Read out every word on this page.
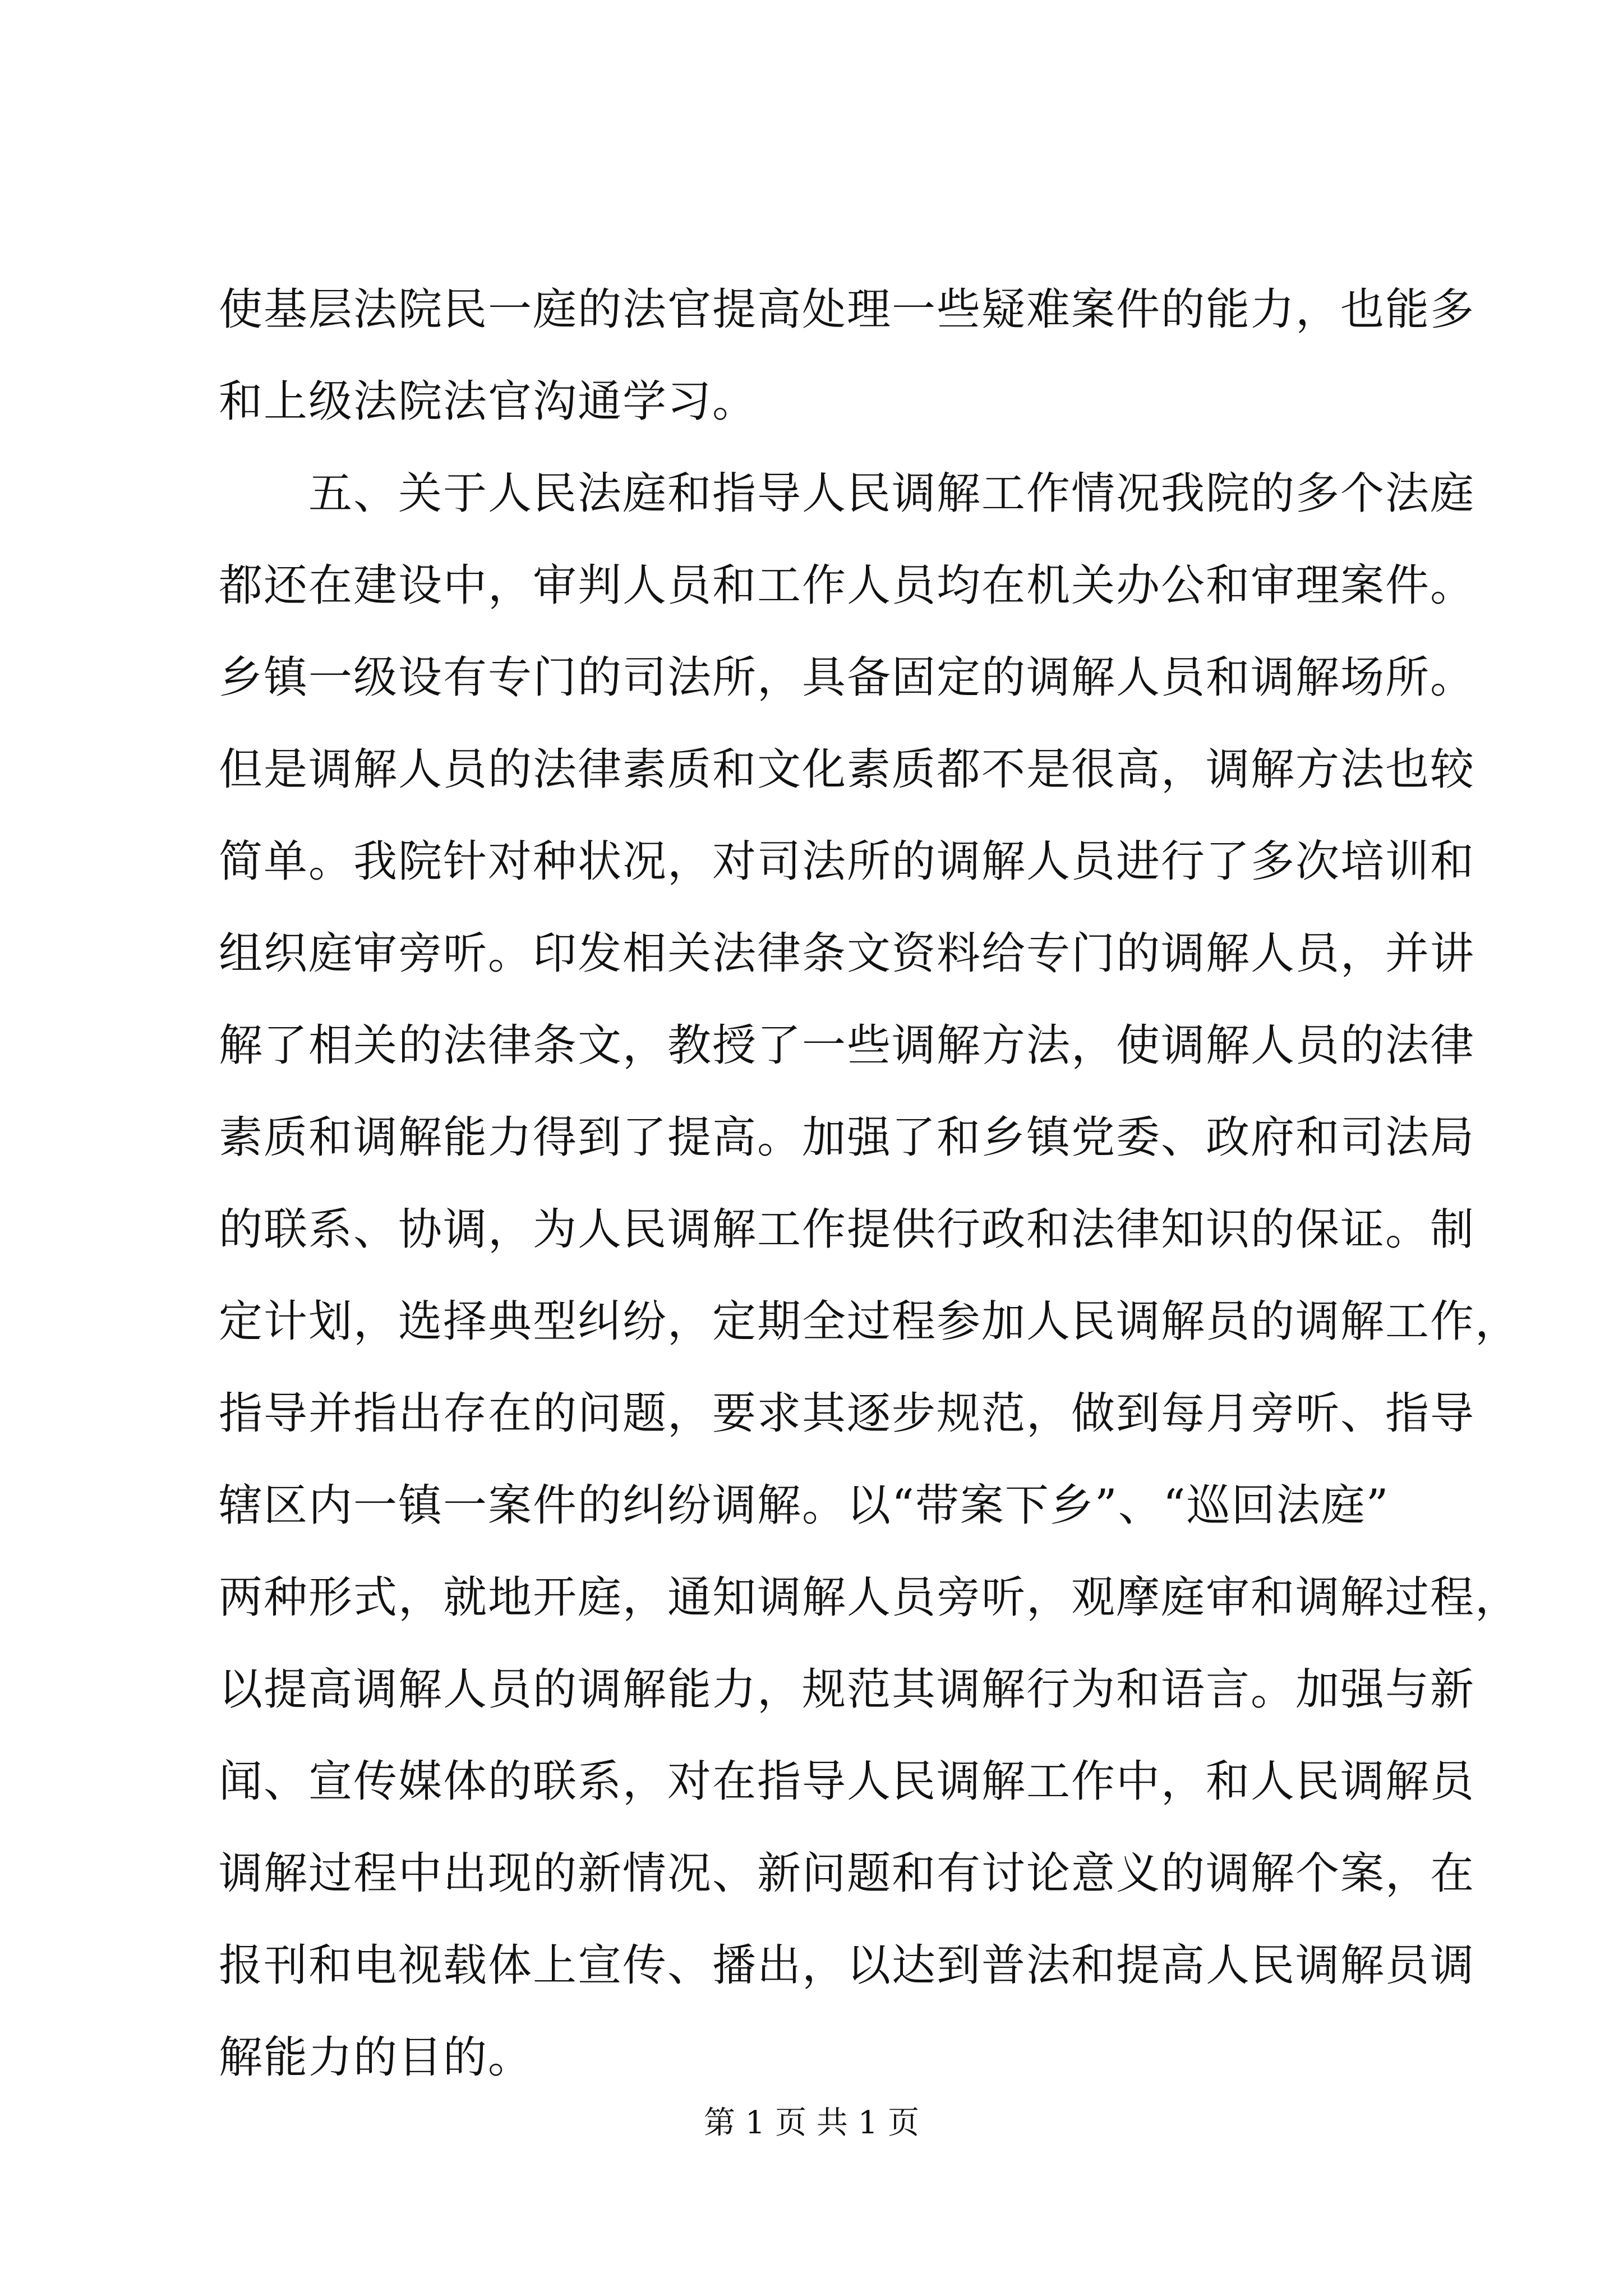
使基层法院民一庭的法官提高处理一些疑难案件的能力，也能多
和上级法院法官沟通学习。
　　五、关于人民法庭和指导人民调解工作情况我院的多个法庭
都还在建设中，审判人员和工作人员均在机关办公和审理案件。
乡镇一级设有专门的司法所，具备固定的调解人员和调解场所。
但是调解人员的法律素质和文化素质都不是很高，调解方法也较
简单。我院针对种状况，对司法所的调解人员进行了多次培训和
组织庭审旁听。印发相关法律条文资料给专门的调解人员，并讲
解了相关的法律条文，教授了一些调解方法，使调解人员的法律
素质和调解能力得到了提高。加强了和乡镇党委、政府和司法局
的联系、协调，为人民调解工作提供行政和法律知识的保证。制
定计划，选择典型纠纷，定期全过程参加人民调解员的调解工作，
指导并指出存在的问题，要求其逐步规范，做到每月旁听、指导
辖区内一镇一案件的纠纷调解。以“带案下乡”、“巡回法庭”
两种形式，就地开庭，通知调解人员旁听，观摩庭审和调解过程，
以提高调解人员的调解能力，规范其调解行为和语言。加强与新
闻、宣传媒体的联系，对在指导人民调解工作中，和人民调解员
调解过程中出现的新情况、新问题和有讨论意义的调解个案，在
报刊和电视载体上宣传、播出，以达到普法和提高人民调解员调
解能力的目的。
第 1 页 共 1 页
